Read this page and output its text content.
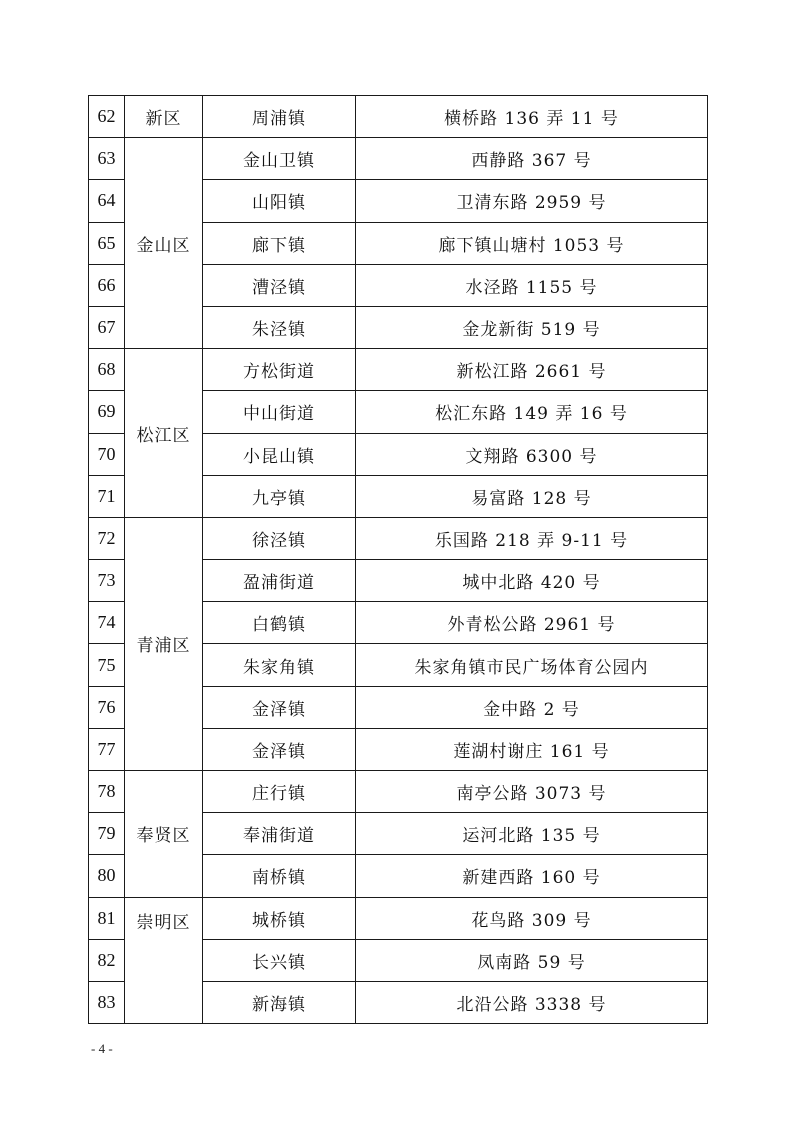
62	新区	周浦镇	横桥路 136 弄 11 号
63	金山区	金山卫镇	西静路 367 号
64		山阳镇	卫清东路 2959 号
65		廊下镇	廊下镇山塘村 1053 号
66		漕泾镇	水泾路 1155 号
67		朱泾镇	金龙新街 519 号
68	松江区	方松街道	新松江路 2661 号
69		中山街道	松汇东路 149 弄 16 号
70		小昆山镇	文翔路 6300 号
71		九亭镇	易富路 128 号
72	青浦区	徐泾镇	乐国路 218 弄 9-11 号
73		盈浦街道	城中北路 420 号
74		白鹤镇	外青松公路 2961 号
75		朱家角镇	朱家角镇市民广场体育公园内
76		金泽镇	金中路 2 号
77		金泽镇	莲湖村谢庄 161 号
78	奉贤区	庄行镇	南亭公路 3073 号
79		奉浦街道	运河北路 135 号
80		南桥镇	新建西路 160 号
81	崇明区	城桥镇	花鸟路 309 号
82		长兴镇	凤南路 59 号
83		新海镇	北沿公路 3338 号
- 4 -
